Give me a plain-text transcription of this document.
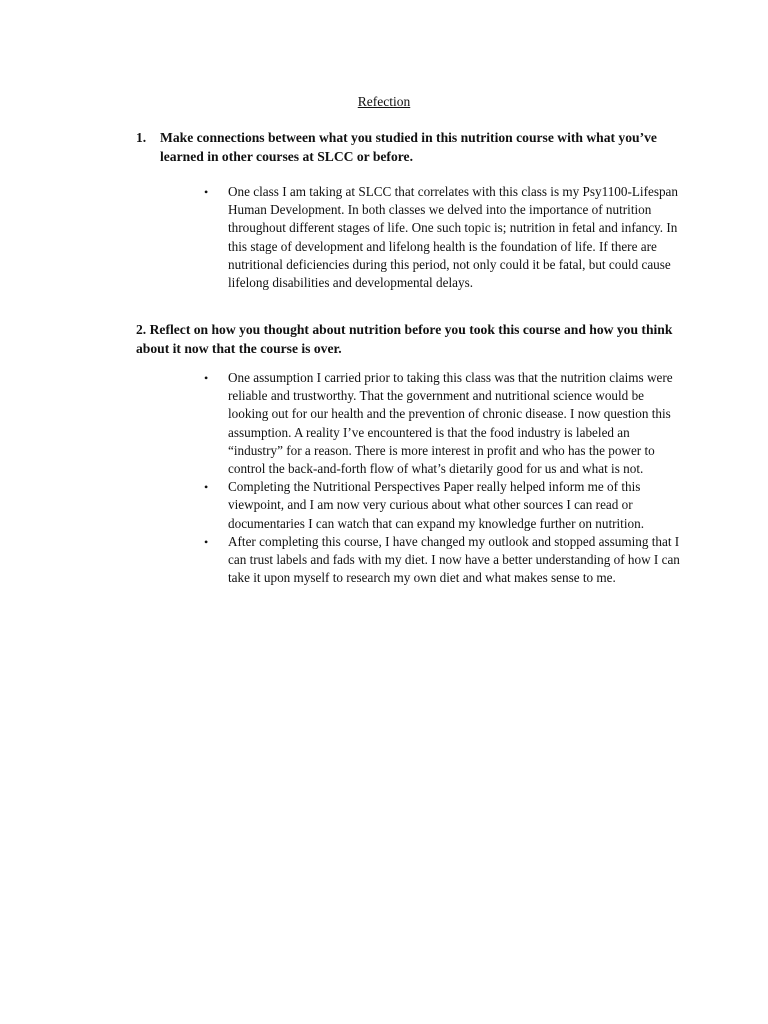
Refection
1.	Make connections between what you studied in this nutrition course with what you’ve learned in other courses at SLCC or before.
• One class I am taking at SLCC that correlates with this class is my Psy1100-Lifespan Human Development. In both classes we delved into the importance of nutrition throughout different stages of life. One such topic is; nutrition in fetal and infancy. In this stage of development and lifelong health is the foundation of life. If there are nutritional deficiencies during this period, not only could it be fatal, but could cause lifelong disabilities and developmental delays.
2. Reflect on how you thought about nutrition before you took this course and how you think about it now that the course is over.
• One assumption I carried prior to taking this class was that the nutrition claims were reliable and trustworthy. That the government and nutritional science would be looking out for our health and the prevention of chronic disease. I now question this assumption. A reality I’ve encountered is that the food industry is labeled an “industry” for a reason. There is more interest in profit and who has the power to control the back-and-forth flow of what’s dietarily good for us and what is not.
• Completing the Nutritional Perspectives Paper really helped inform me of this viewpoint, and I am now very curious about what other sources I can read or documentaries I can watch that can expand my knowledge further on nutrition.
• After completing this course, I have changed my outlook and stopped assuming that I can trust labels and fads with my diet. I now have a better understanding of how I can take it upon myself to research my own diet and what makes sense to me.
